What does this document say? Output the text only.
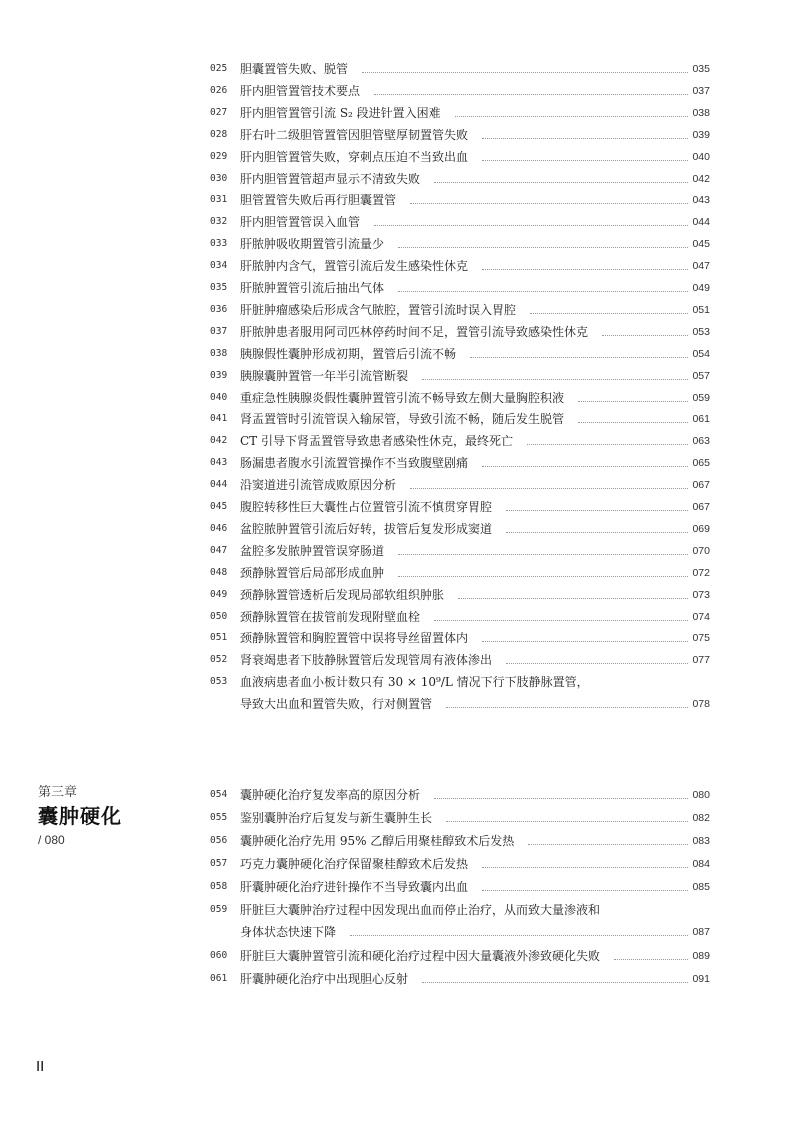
025	胆囊置管失败、脱管	035
026	肝内胆管置管技术要点	037
027	肝内胆管置管引流 S₂ 段进针置入困难	038
028	肝右叶二级胆管置管因胆管壁厚韧置管失败	039
029	肝内胆管置管失败，穿刺点压迫不当致出血	040
030	肝内胆管置管超声显示不清致失败	042
031	胆管置管失败后再行胆囊置管	043
032	肝内胆管置管误入血管	044
033	肝脓肿吸收期置管引流量少	045
034	肝脓肿内含气，置管引流后发生感染性休克	047
035	肝脓肿置管引流后抽出气体	049
036	肝脏肿瘤感染后形成含气脓腔，置管引流时误入胃腔	051
037	肝脓肿患者服用阿司匹林停药时间不足，置管引流导致感染性休克	053
038	胰腺假性囊肿形成初期，置管后引流不畅	054
039	胰腺囊肿置管一年半引流管断裂	057
040	重症急性胰腺炎假性囊肿置管引流不畅导致左侧大量胸腔积液	059
041	肾盂置管时引流管误入输尿管，导致引流不畅，随后发生脱管	061
042	CT 引导下肾盂置管导致患者感染性休克，最终死亡	063
043	肠漏患者腹水引流置管操作不当致腹壁剧痛	065
044	沿窦道进引流管成败原因分析	067
045	腹腔转移性巨大囊性占位置管引流不慎贯穿胃腔	067
046	盆腔脓肿置管引流后好转，拔管后复发形成窦道	069
047	盆腔多发脓肿置管误穿肠道	070
048	颈静脉置管后局部形成血肿	072
049	颈静脉置管透析后发现局部软组织肿胀	073
050	颈静脉置管在拔管前发现附壁血栓	074
051	颈静脉置管和胸腔置管中误将导丝留置体内	075
052	肾衰竭患者下肢静脉置管后发现管周有液体渗出	077
053	血液病患者血小板计数只有 30 × 10⁹/L 情况下行下肢静脉置管，
导致大出血和置管失败，行对侧置管	078
第三章
囊肿硬化
/ 080
054	囊肿硬化治疗复发率高的原因分析	080
055	鉴别囊肿治疗后复发与新生囊肿生长	082
056	囊肿硬化治疗先用 95% 乙醇后用聚桂醇致术后发热	083
057	巧克力囊肿硬化治疗保留聚桂醇致术后发热	084
058	肝囊肿硬化治疗进针操作不当导致囊内出血	085
059	肝脏巨大囊肿治疗过程中因发现出血而停止治疗，从而致大量渗液和
身体状态快速下降	087
060	肝脏巨大囊肿置管引流和硬化治疗过程中因大量囊液外渗致硬化失败	089
061	肝囊肿硬化治疗中出现胆心反射	091
II
